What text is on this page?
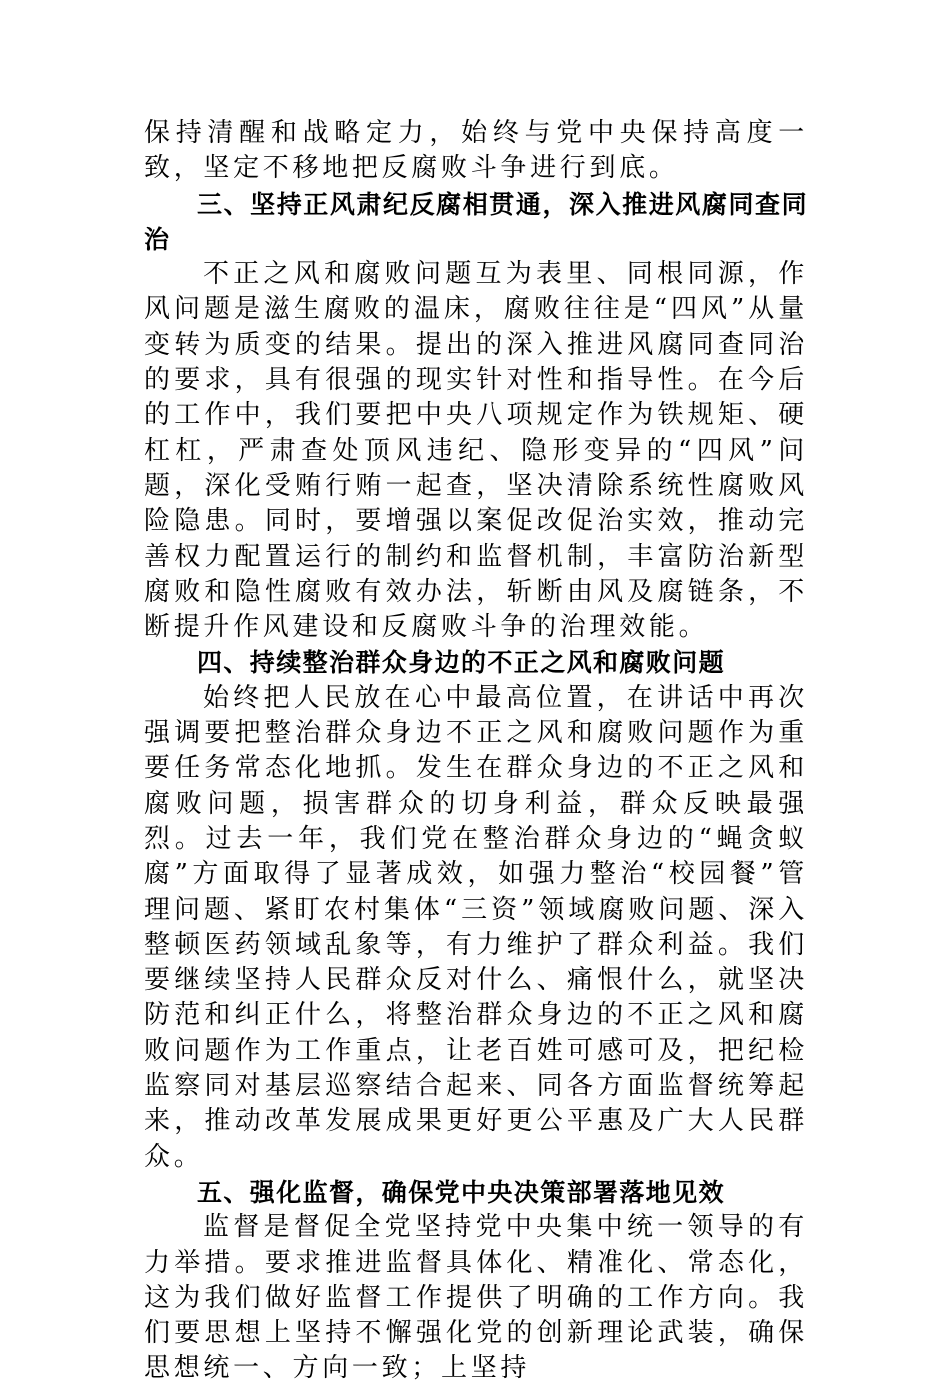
保持清醒和战略定力，始终与党中央保持高度一致，坚定不移地把反腐败斗争进行到底。

三、坚持正风肃纪反腐相贯通，深入推进风腐同查同治

不正之风和腐败问题互为表里、同根同源，作风问题是滋生腐败的温床，腐败往往是“四风”从量变转为质变的结果。提出的深入推进风腐同查同治的要求，具有很强的现实针对性和指导性。在今后的工作中，我们要把中央八项规定作为铁规矩、硬杠杠，严肃查处顶风违纪、隐形变异的“四风”问题，深化受贿行贿一起查，坚决清除系统性腐败风险隐患。同时，要增强以案促改促治实效，推动完善权力配置运行的制约和监督机制，丰富防治新型腐败和隐性腐败有效办法，斩断由风及腐链条，不断提升作风建设和反腐败斗争的治理效能。

四、持续整治群众身边的不正之风和腐败问题

始终把人民放在心中最高位置，在讲话中再次强调要把整治群众身边不正之风和腐败问题作为重要任务常态化地抓。发生在群众身边的不正之风和腐败问题，损害群众的切身利益，群众反映最强烈。过去一年，我们党在整治群众身边的“蝇贪蚁腐”方面取得了显著成效，如强力整治“校园餐”管理问题、紧盯农村集体“三资”领域腐败问题、深入整顿医药领域乱象等，有力维护了群众利益。我们要继续坚持人民群众反对什么、痛恨什么，就坚决防范和纠正什么，将整治群众身边的不正之风和腐败问题作为工作重点，让老百姓可感可及，把纪检监察同对基层巡察结合起来、同各方面监督统筹起来，推动改革发展成果更好更公平惠及广大人民群众。

五、强化监督，确保党中央决策部署落地见效

监督是督促全党坚持党中央集中统一领导的有力举措。要求推进监督具体化、精准化、常态化，这为我们做好监督工作提供了明确的工作方向。我们要思想上坚持不懈强化党的创新理论武装，确保思想统一、方向一致；上坚持
